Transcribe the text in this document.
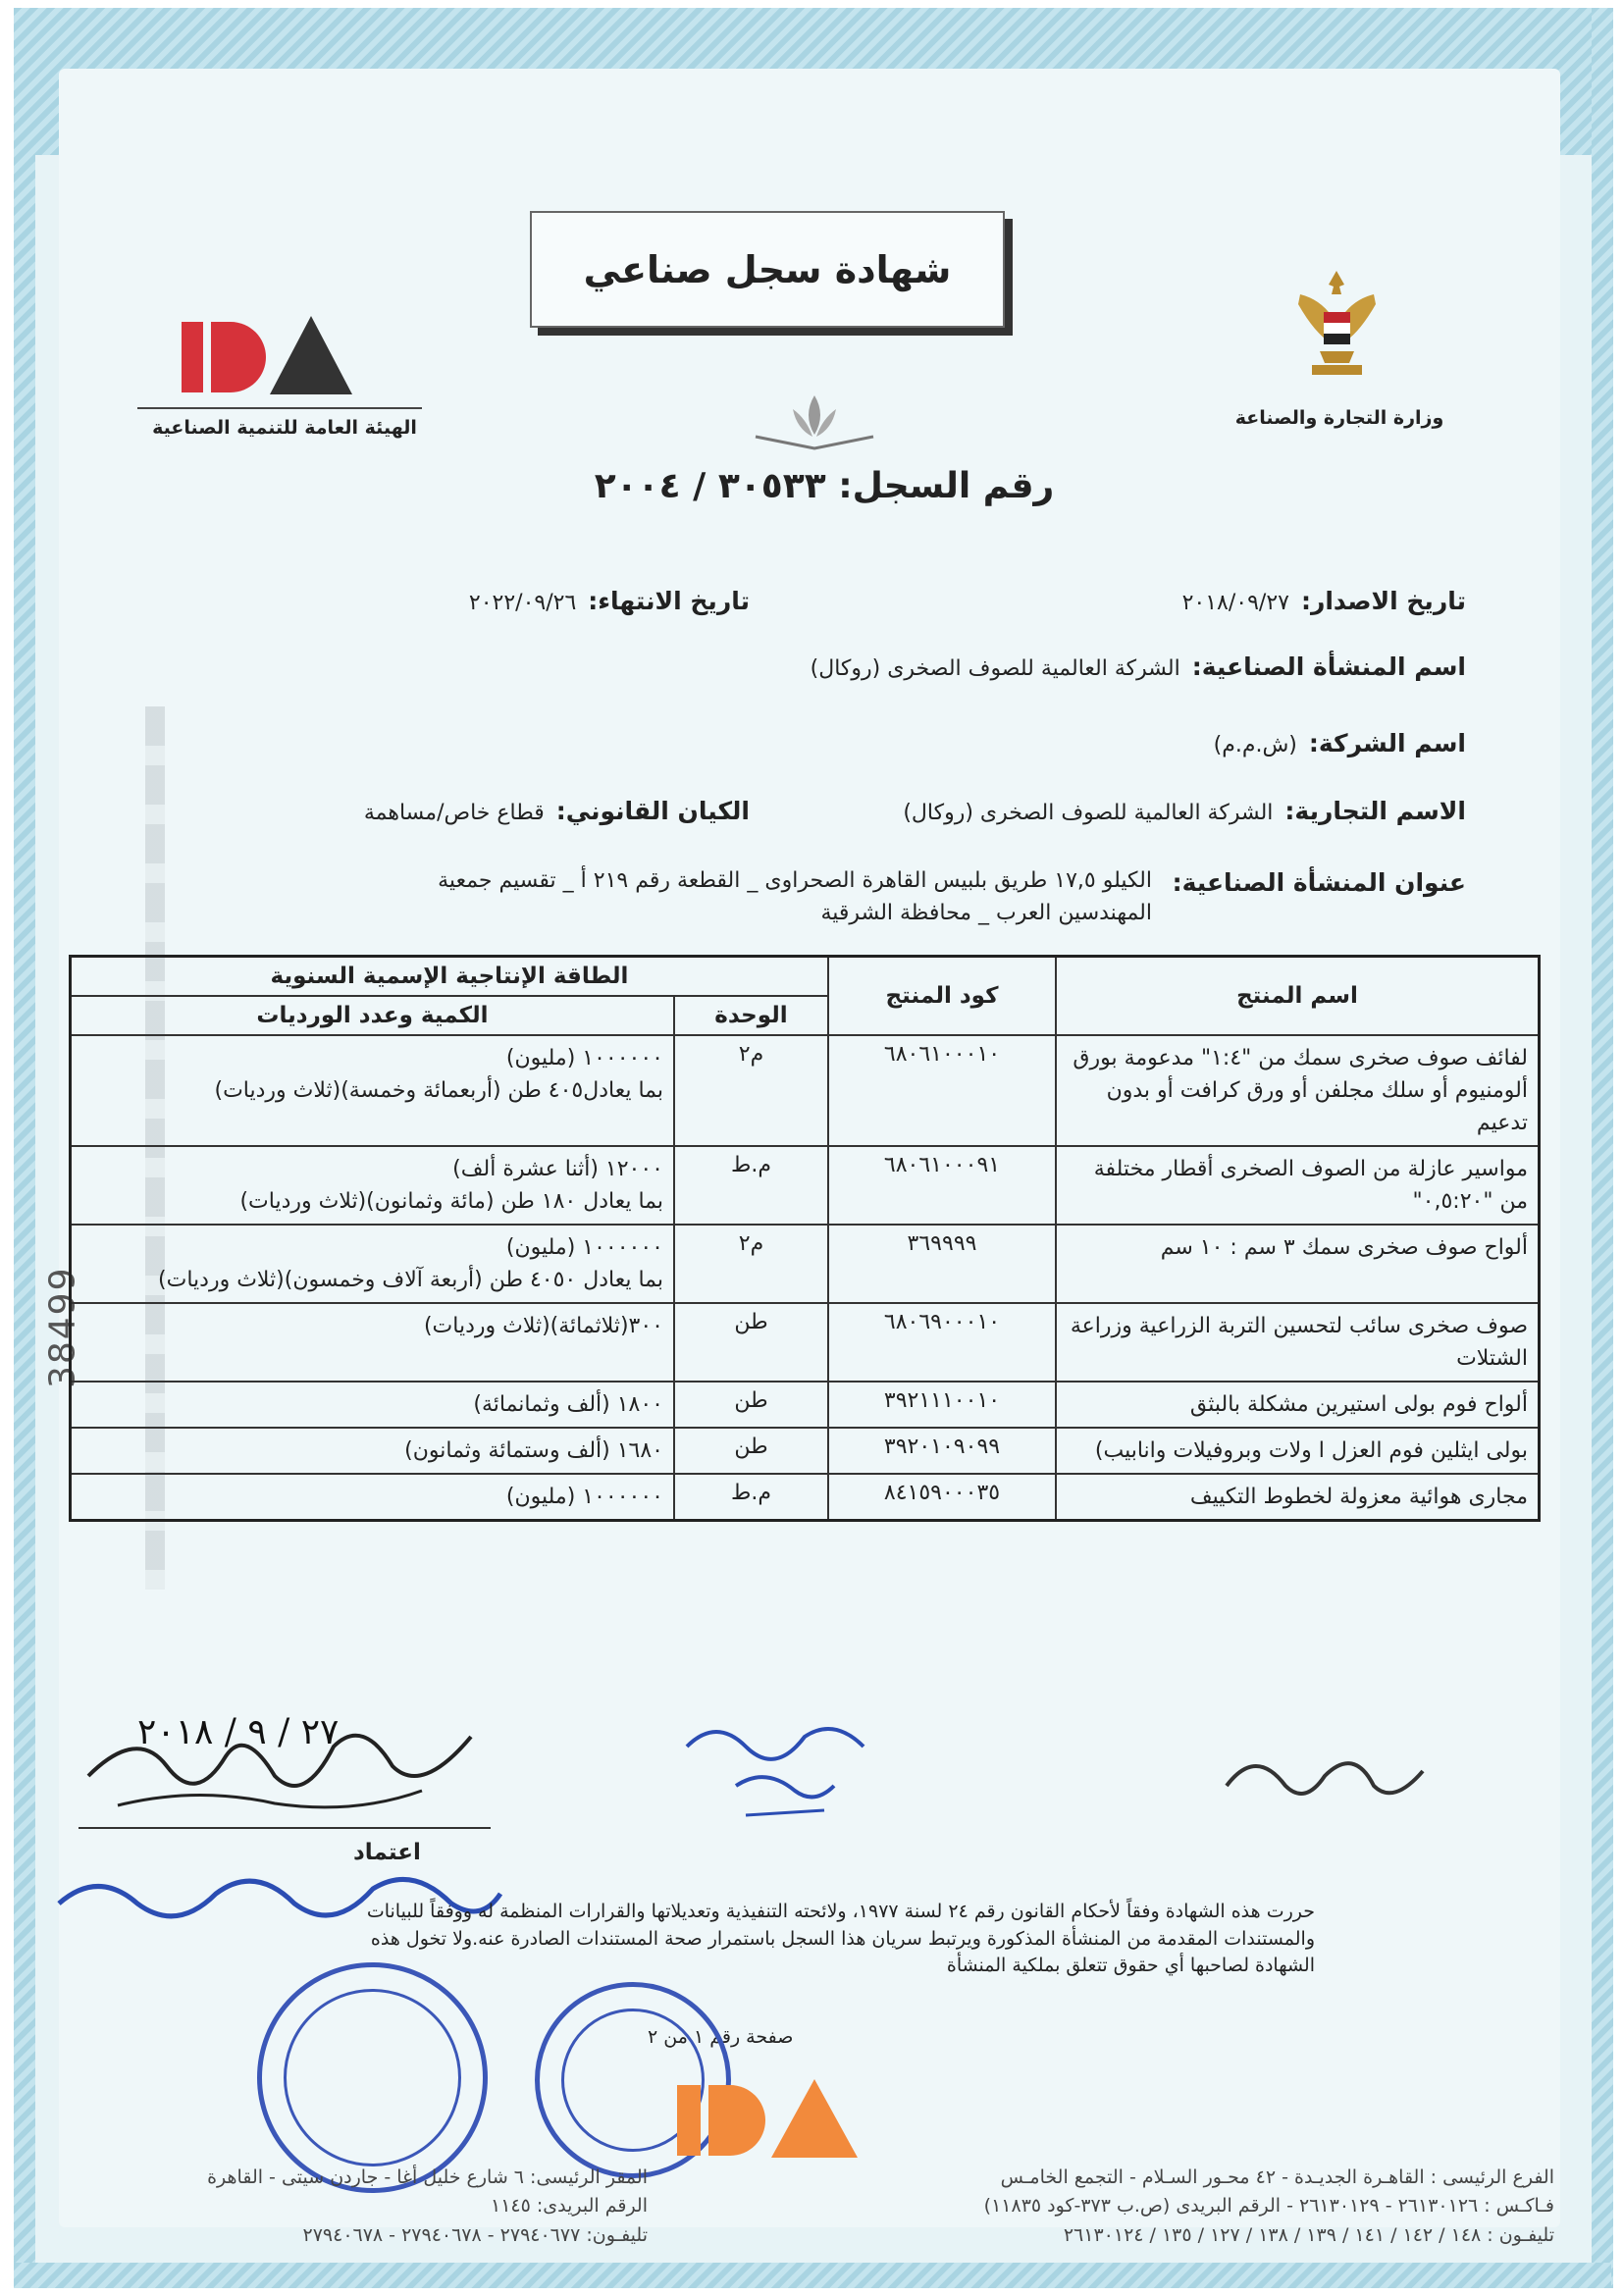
38499
شهادة سجل صناعي
الهيئة العامة للتنمية الصناعية	وزارة التجارة والصناعة
رقم السجل: ٣٠٥٣٣ / ٢٠٠٤
تاريخ الاصدار:٢٠١٨/٠٩/٢٧
تاريخ الانتهاء:٢٠٢٢/٠٩/٢٦
اسم المنشأة الصناعية:الشركة العالمية للصوف الصخرى (روكال)
اسم الشركة:(ش.م.م)
الاسم التجارية:الشركة العالمية للصوف الصخرى (روكال)
الكيان القانوني:قطاع خاص/مساهمة
عنوان المنشأة الصناعية:
الكيلو ١٧,٥ طريق بلبيس القاهرة الصحراوى _ القطعة رقم ٢١٩ أ _ تقسيم جمعية
المهندسين العرب _ محافظة الشرقية
اسم المنتج	كود المنتج	الطاقة الإنتاجية الإسمية السنوية	
		الوحدة	الكمية وعدد الورديات
لفائف صوف صخرى سمك من "١:٤" مدعومة بورق ألومنيوم أو سلك مجلفن أو ورق كرافت أو بدون تدعيم	٦٨٠٦١٠٠٠١٠	م٢	١٠٠٠٠٠٠ (مليون)
بما يعادل٤٠٥ طن (أربعمائة وخمسة)(ثلاث ورديات)

مواسير عازلة من الصوف الصخرى أقطار مختلفة من "٠,٥:٢٠"	٦٨٠٦١٠٠٠٩١	م.ط	١٢٠٠٠ (أثنا عشرة ألف)
بما يعادل ١٨٠ طن (مائة وثمانون)(ثلاث ورديات)

ألواح صوف صخرى سمك ٣ سم : ١٠ سم	٣٦٩٩٩٩	م٢	١٠٠٠٠٠٠ (مليون)
بما يعادل ٤٠٥٠ طن (أربعة آلاف وخمسون)(ثلاث ورديات)

صوف صخرى سائب لتحسين التربة الزراعية وزراعة الشتلات	٦٨٠٦٩٠٠٠١٠	طن	٣٠٠(ثلاثمائة)(ثلاث ورديات)

ألواح فوم بولى استيرين مشكلة بالبثق	٣٩٢١١١٠٠١٠	طن	١٨٠٠ (ألف وثمانمائة)

بولى ايثلين فوم العزل ا ولات وبروفيلات وانابيب)	٣٩٢٠١٠٩٠٩٩	طن	١٦٨٠ (ألف وستمائة وثمانون)

مجارى هوائية معزولة لخطوط التكييف	٨٤١٥٩٠٠٠٣٥	م.ط	١٠٠٠٠٠٠ (مليون)
٢٧ / ٩ / ٢٠١٨
اعتماد
حررت هذه الشهادة وفقاً لأحكام القانون رقم ٢٤ لسنة ١٩٧٧، ولائحته التنفيذية وتعديلاتها والقرارات المنظمة له ووفقاً للبيانات والمستندات المقدمة من المنشأة المذكورة ويرتبط سريان هذا السجل باستمرار صحة المستندات الصادرة عنه.ولا تخول هذه الشهادة لصاحبها أي حقوق تتعلق بملكية المنشأة
صفحة رقم ١ من ٢
الفرع الرئيسى : القاهـرة الجديـدة - ٤٢ محـور السـلام - التجمع الخامـس
فـاكـس : ٢٦١٣٠١٢٦ - ٢٦١٣٠١٢٩ - الرقم البريدى (ص.ب ٣٧٣-كود ١١٨٣٥)
تليفـون : ١٤٨ / ١٤٢ / ١٤١ / ١٣٩ / ١٣٨ / ١٢٧ / ١٣٥ / ٢٦١٣٠١٢٤
المقر الرئيسى: ٦ شارع خليل أغا - جاردن سيتى - القاهرة
الرقم البريدى: ١١٤٥
تليفـون: ٢٧٩٤٠٦٧٧ - ٢٧٩٤٠٦٧٨ - ٢٧٩٤٠٦٧٨
